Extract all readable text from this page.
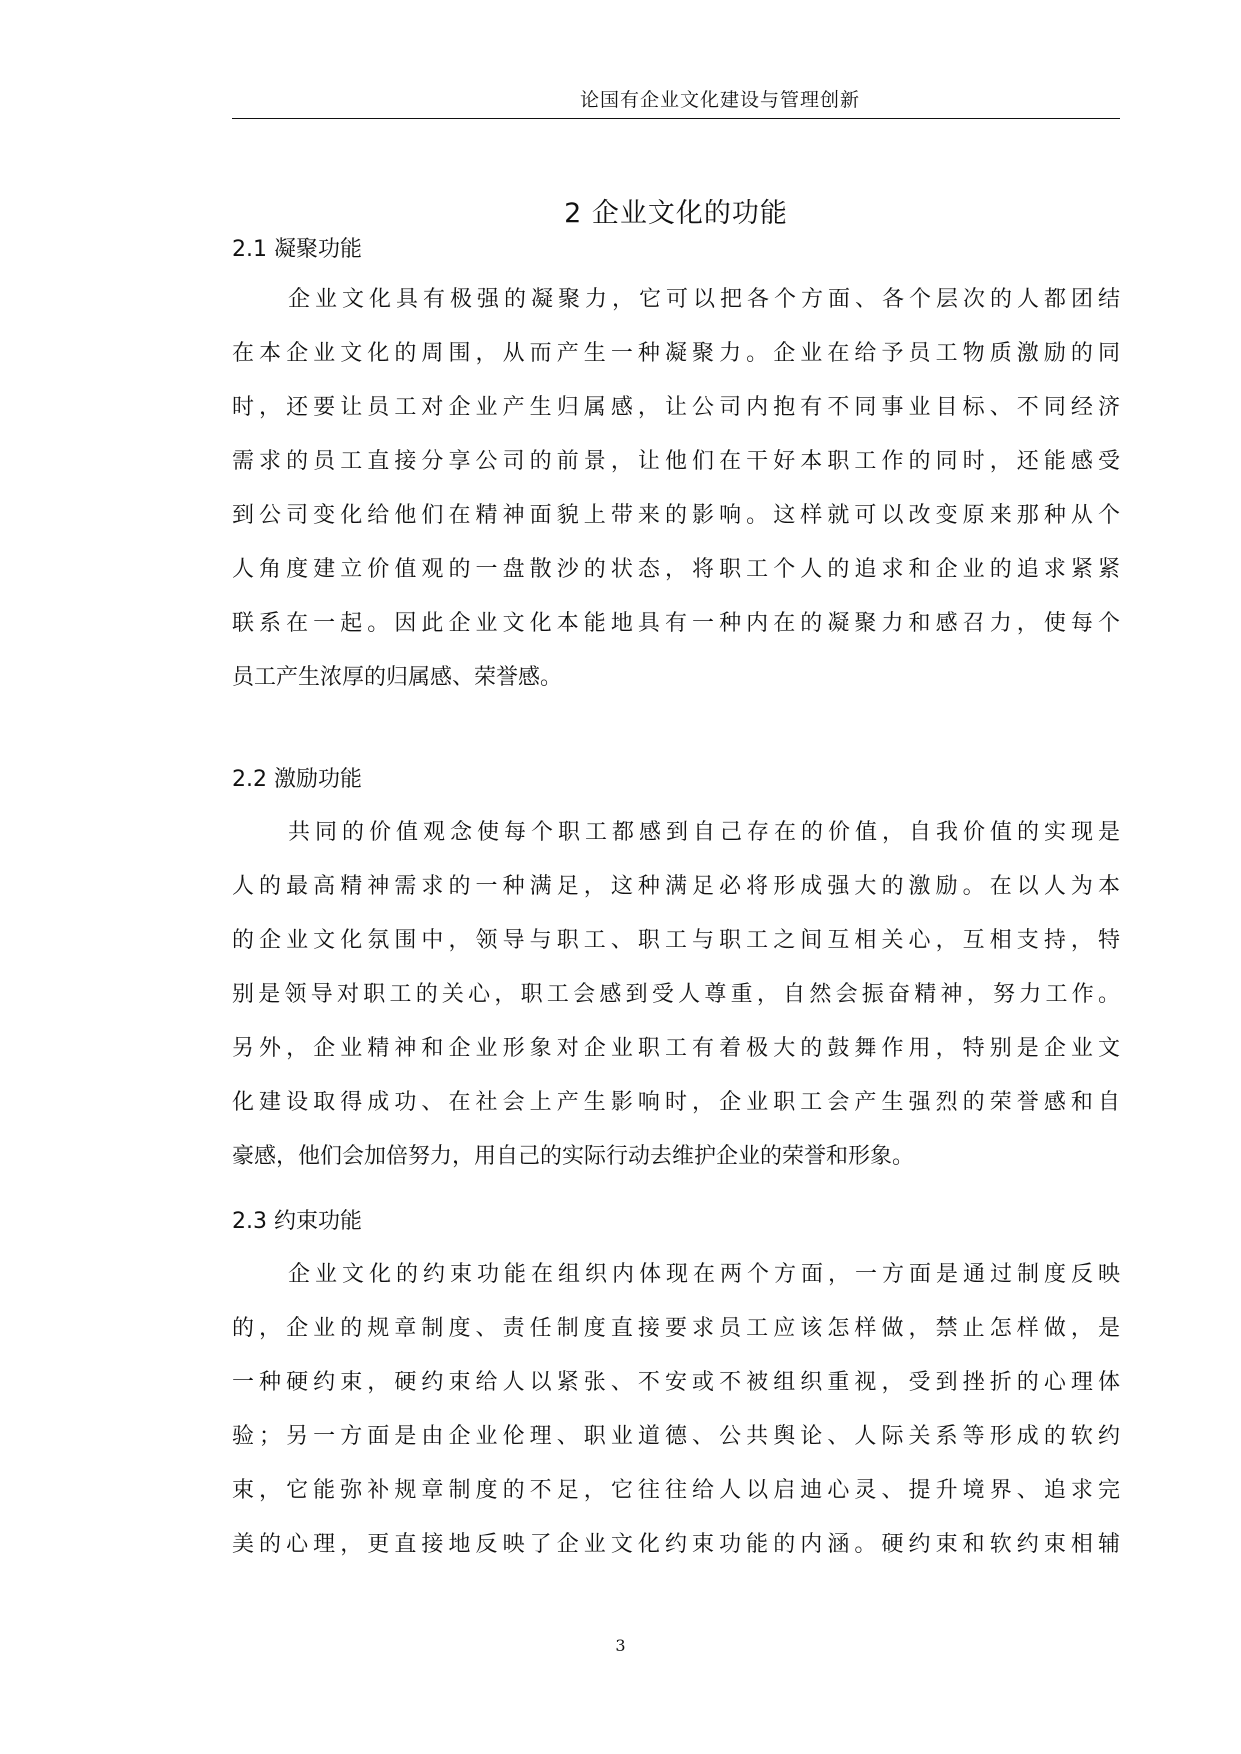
论国有企业文化建设与管理创新
2 企业文化的功能
2.1 凝聚功能

企业文化具有极强的凝聚力，它可以把各个方面、各个层次的人都团结
在本企业文化的周围，从而产生一种凝聚力。企业在给予员工物质激励的同
时，还要让员工对企业产生归属感，让公司内抱有不同事业目标、不同经济
需求的员工直接分享公司的前景，让他们在干好本职工作的同时，还能感受
到公司变化给他们在精神面貌上带来的影响。这样就可以改变原来那种从个
人角度建立价值观的一盘散沙的状态，将职工个人的追求和企业的追求紧紧
联系在一起。因此企业文化本能地具有一种内在的凝聚力和感召力，使每个
员工产生浓厚的归属感、荣誉感。

2.2 激励功能

共同的价值观念使每个职工都感到自己存在的价值，自我价值的实现是
人的最高精神需求的一种满足，这种满足必将形成强大的激励。在以人为本
的企业文化氛围中，领导与职工、职工与职工之间互相关心，互相支持，特
别是领导对职工的关心，职工会感到受人尊重，自然会振奋精神，努力工作。
另外，企业精神和企业形象对企业职工有着极大的鼓舞作用，特别是企业文
化建设取得成功、在社会上产生影响时，企业职工会产生强烈的荣誉感和自
豪感，他们会加倍努力，用自己的实际行动去维护企业的荣誉和形象。

2.3 约束功能

企业文化的约束功能在组织内体现在两个方面，一方面是通过制度反映
的，企业的规章制度、责任制度直接要求员工应该怎样做，禁止怎样做，是
一种硬约束，硬约束给人以紧张、不安或不被组织重视，受到挫折的心理体
验；另一方面是由企业伦理、职业道德、公共舆论、人际关系等形成的软约
束，它能弥补规章制度的不足，它往往给人以启迪心灵、提升境界、追求完
美的心理，更直接地反映了企业文化约束功能的内涵。硬约束和软约束相辅

3
